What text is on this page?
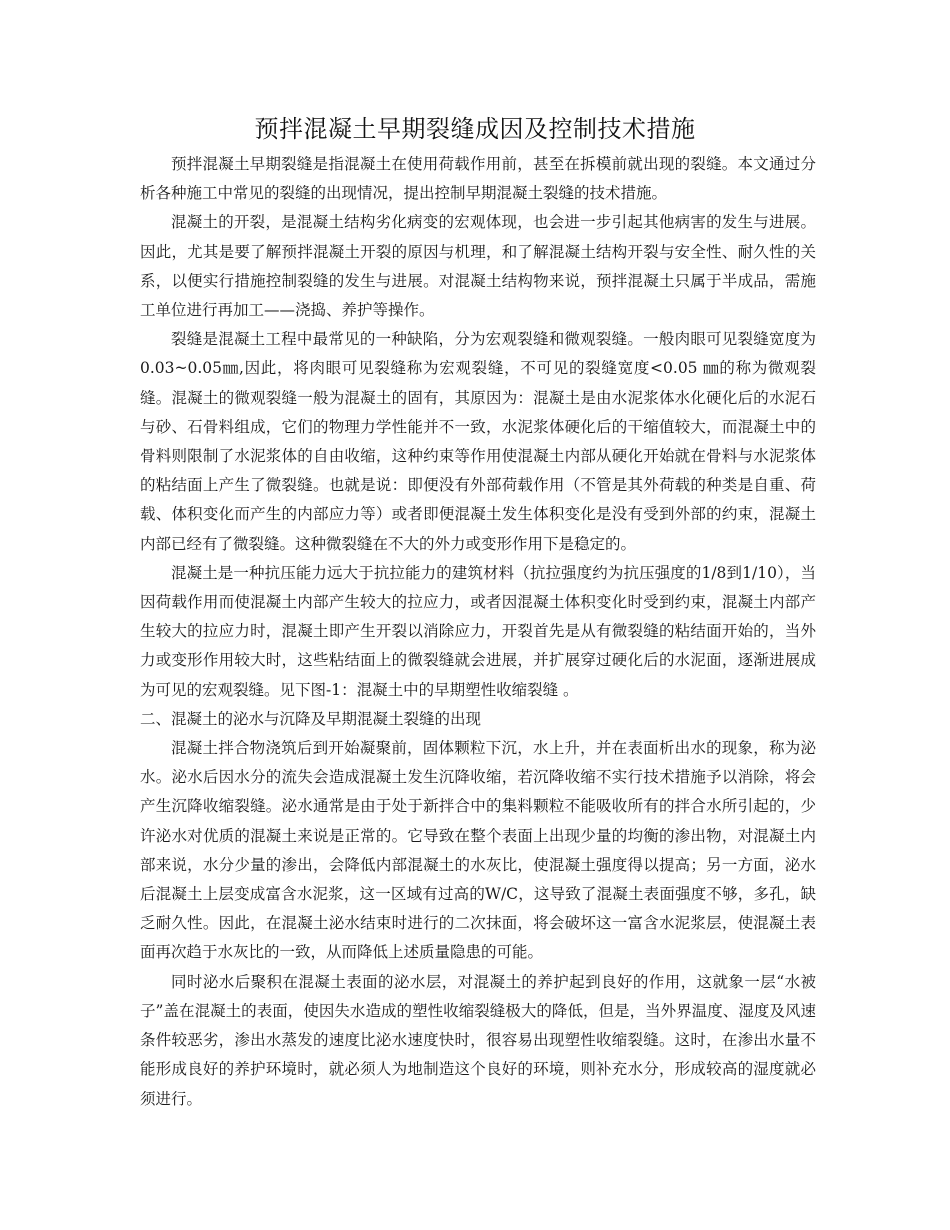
预拌混凝土早期裂缝成因及控制技术措施

预拌混凝土早期裂缝是指混凝土在使用荷载作用前，甚至在拆模前就出现的裂缝。本文通过分析各种施工中常见的裂缝的出现情况，提出控制早期混凝土裂缝的技术措施。

混凝土的开裂，是混凝土结构劣化病变的宏观体现，也会进一步引起其他病害的发生与进展。因此，尤其是要了解预拌混凝土开裂的原因与机理，和了解混凝土结构开裂与安全性、耐久性的关系，以便实行措施控制裂缝的发生与进展。对混凝土结构物来说，预拌混凝土只属于半成品，需施工单位进行再加工——浇捣、养护等操作。

裂缝是混凝土工程中最常见的一种缺陷，分为宏观裂缝和微观裂缝。一般肉眼可见裂缝宽度为0.03~0.05㎜,因此，将肉眼可见裂缝称为宏观裂缝，不可见的裂缝宽度<0.05 ㎜的称为微观裂缝。混凝土的微观裂缝一般为混凝土的固有，其原因为：混凝土是由水泥浆体水化硬化后的水泥石与砂、石骨料组成，它们的物理力学性能并不一致，水泥浆体硬化后的干缩值较大，而混凝土中的骨料则限制了水泥浆体的自由收缩，这种约束等作用使混凝土内部从硬化开始就在骨料与水泥浆体的粘结面上产生了微裂缝。也就是说：即便没有外部荷载作用（不管是其外荷载的种类是自重、荷载、体积变化而产生的内部应力等）或者即便混凝土发生体积变化是没有受到外部的约束，混凝土内部已经有了微裂缝。这种微裂缝在不大的外力或变形作用下是稳定的。

混凝土是一种抗压能力远大于抗拉能力的建筑材料（抗拉强度约为抗压强度的1/8到1/10），当因荷载作用而使混凝土内部产生较大的拉应力，或者因混凝土体积变化时受到约束，混凝土内部产生较大的拉应力时，混凝土即产生开裂以消除应力，开裂首先是从有微裂缝的粘结面开始的，当外力或变形作用较大时，这些粘结面上的微裂缝就会进展，并扩展穿过硬化后的水泥面，逐渐进展成为可见的宏观裂缝。见下图-1：混凝土中的早期塑性收缩裂缝 。

二、混凝土的泌水与沉降及早期混凝土裂缝的出现

混凝土拌合物浇筑后到开始凝聚前，固体颗粒下沉，水上升，并在表面析出水的现象，称为泌水。泌水后因水分的流失会造成混凝土发生沉降收缩，若沉降收缩不实行技术措施予以消除，将会产生沉降收缩裂缝。泌水通常是由于处于新拌合中的集料颗粒不能吸收所有的拌合水所引起的，少许泌水对优质的混凝土来说是正常的。它导致在整个表面上出现少量的均衡的渗出物，对混凝土内部来说，水分少量的渗出，会降低内部混凝土的水灰比，使混凝土强度得以提高；另一方面，泌水后混凝土上层变成富含水泥浆，这一区域有过高的W/C，这导致了混凝土表面强度不够，多孔，缺乏耐久性。因此，在混凝土泌水结束时进行的二次抹面，将会破坏这一富含水泥浆层，使混凝土表面再次趋于水灰比的一致，从而降低上述质量隐患的可能。

同时泌水后聚积在混凝土表面的泌水层，对混凝土的养护起到良好的作用，这就象一层“水被子”盖在混凝土的表面，使因失水造成的塑性收缩裂缝极大的降低，但是，当外界温度、湿度及风速条件较恶劣，渗出水蒸发的速度比泌水速度快时，很容易出现塑性收缩裂缝。这时，在渗出水量不能形成良好的养护环境时，就必须人为地制造这个良好的环境，则补充水分，形成较高的湿度就必须进行。
